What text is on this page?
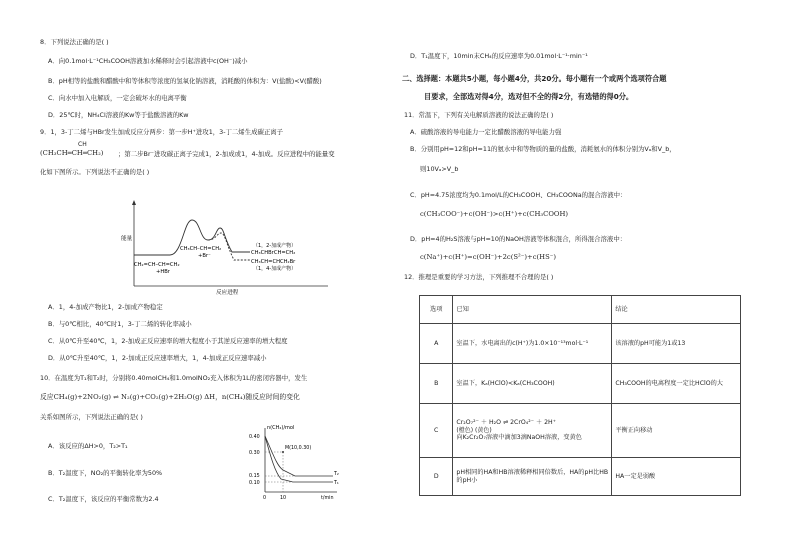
8．下列说法正确的是( )
A．向0.1mol·L⁻¹CH₃COOH溶液加水稀释时会引起溶液中c(OH⁻)减小
B．pH相等的盐酸和醋酸中和等体积等浓度的氢氧化钠溶液，消耗酸的体积为：V(盐酸)<V(醋酸)
C．向水中加入电解质，一定会破坏水的电离平衡
D．25℃时，NH₄Cl溶液的Kw等于盐酸溶液的Kw
9．1，3-丁二烯与HBr发生加成反应分两步：第一步H⁺进攻1，3-丁二烯生成碳正离子
CH
(CH₃CH═CH═CH₂) ；第二步Br⁻进攻碳正离子完成1，2-加成或1，4-加成。反应进程中的能量变
化如下图所示。下列说法不正确的是( )
能量
CH₂=CH–CH=CH₂
+HBr
CH₃CH–CH=CH₂
+Br⁻
（1，2-加成产物）
CH₃CHBrCH=CH₂
CH₃CH=CHCH₂Br
（1，4-加成产物）
反应进程
A．1，4-加成产物比1，2-加成产物稳定
B．与0℃相比，40℃时1，3-丁二烯的转化率减小
C．从0℃升至40℃，1，2-加成正反应速率的增大程度小于其逆反应速率的增大程度
D．从0℃升至40℃，1，2-加成正反应速率增大，1，4-加成正反应速率减小
10．在温度为T₁和T₂时，分别将0.40molCH₄和1.0molNO₂充入体积为1L的密闭容器中，发生
反应CH₄(g)+2NO₂(g) ⇌ N₂(g)+CO₂(g)+2H₂O(g) ΔH，n(CH₄)随反应时间的变化
关系如图所示，下列说法正确的是( )
A．该反应的ΔH>0，T₂>T₁
B．T₂温度下，NO₂的平衡转化率为50%
C．T₂温度下，该反应的平衡常数为2.4
n(CH₄)/mol
0.40
0.30
0.15
0.10
0	10
M(10,0.30)
T₂
T₁
t/min
D．T₁温度下，10min末CH₄的反应速率为0.01mol·L⁻¹·min⁻¹
二、选择题：本题共5小题，每小题4分，共20分。每小题有一个或两个选项符合题
目要求，全部选对得4分，选对但不全的得2分，有选错的得0分。
11．常温下，下列有关电解质溶液的说法正确的是( )
A．硫酸溶液的导电能力一定比醋酸溶液的导电能力强
B．分别用pH=12和pH=11的氨水中和等物质的量的盐酸，消耗氨水的体积分别为Vₐ和V_b，
则10Vₐ>V_b
C．pH=4.75浓度均为0.1mol/L的CH₃COOH、CH₃COONa的混合溶液中：
c(CH₃COO⁻)+c(OH⁻)>c(H⁺)+c(CH₃COOH)
D．pH=4的H₂S溶液与pH=10的NaOH溶液等体积混合，所得混合溶液中：
c(Na⁺)+c(H⁺)=c(OH⁻)+2c(S²⁻)+c(HS⁻)
12．推理是重要的学习方法，下列推理不合理的是( )
选项	已知	结论
A	室温下，水电离出的c(H⁺)为1.0×10⁻¹³mol·L⁻¹	该溶液的pH可能为1或13
B	室温下，Kₐ(HClO)<Kₐ(CH₃COOH)	CH₃COOH的电离程度一定比HClO的大
C	Cr₂O₇²⁻ ＋ H₂O ⇌ 2CrO₄²⁻ ＋ 2H⁺
(橙色) (黄色)
向K₂Cr₂O₇溶液中滴加3滴NaOH溶液，变黄色	平衡正向移动
D	pH相同的HA和HB溶液稀释相同倍数后，HA的pH比HB的pH小	HA一定是弱酸
